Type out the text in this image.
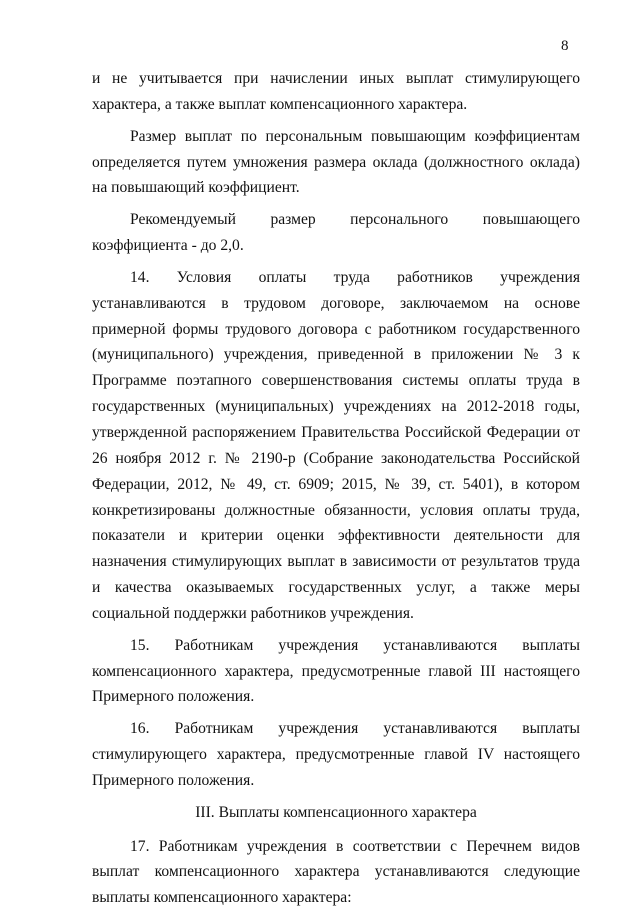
8

и не учитывается при начислении иных выплат стимулирующего характера, а также выплат компенсационного характера.

Размер выплат по персональным повышающим коэффициентам определяется путем умножения размера оклада (должностного оклада) на повышающий коэффициент.

Рекомендуемый размер персонального повышающего коэффициента - до 2,0.

14. Условия оплаты труда работников учреждения устанавливаются в трудовом договоре, заключаемом на основе примерной формы трудового договора с работником государственного (муниципального) учреждения, приведенной в приложении № 3 к Программе поэтапного совершенствования системы оплаты труда в государственных (муниципальных) учреждениях на 2012-2018 годы, утвержденной распоряжением Правительства Российской Федерации от 26 ноября 2012 г. № 2190-р (Собрание законодательства Российской Федерации, 2012, № 49, ст. 6909; 2015, № 39, ст. 5401), в котором конкретизированы должностные обязанности, условия оплаты труда, показатели и критерии оценки эффективности деятельности для назначения стимулирующих выплат в зависимости от результатов труда и качества оказываемых государственных услуг, а также меры социальной поддержки работников учреждения.

15. Работникам учреждения устанавливаются выплаты компенсационного характера, предусмотренные главой III настоящего Примерного положения.

16. Работникам учреждения устанавливаются выплаты стимулирующего характера, предусмотренные главой IV настоящего Примерного положения.

III. Выплаты компенсационного характера

17. Работникам учреждения в соответствии с Перечнем видов выплат компенсационного характера устанавливаются следующие выплаты компенсационного характера:
